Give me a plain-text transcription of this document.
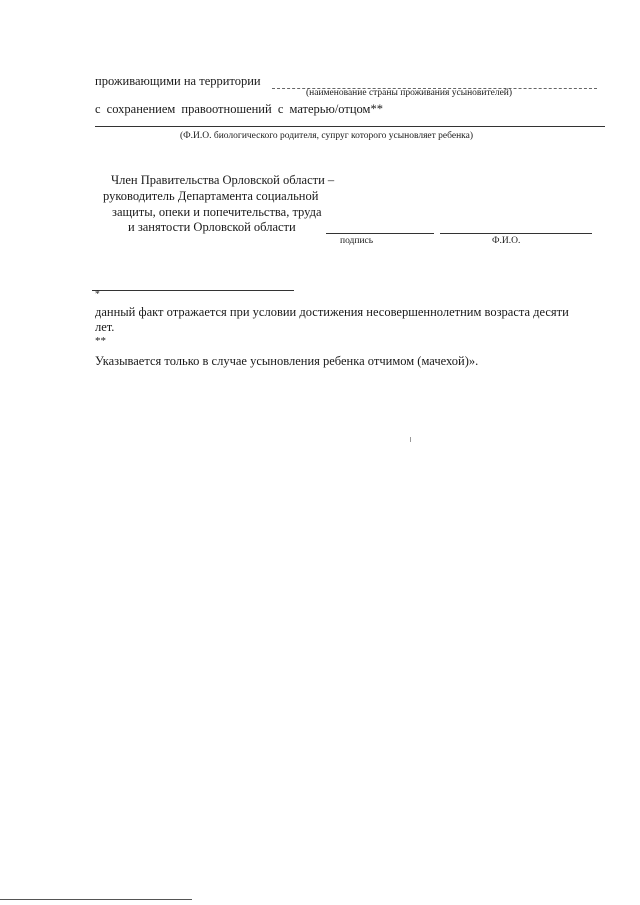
проживающими на территории
(наименование страны проживания усыновителей)
с сохранением правоотношений с матерью/отцом**
(Ф.И.О. биологического родителя, супруг которого усыновляет ребенка)
Член Правительства Орловской области –
руководитель Департамента социальной
защиты, опеки и попечительства, труда
и занятости Орловской области
подпись	Ф.И.О.
*
данный факт отражается при условии достижения несовершеннолетним возраста десяти
лет.
**
Указывается только в случае усыновления ребенка отчимом (мачехой)».
